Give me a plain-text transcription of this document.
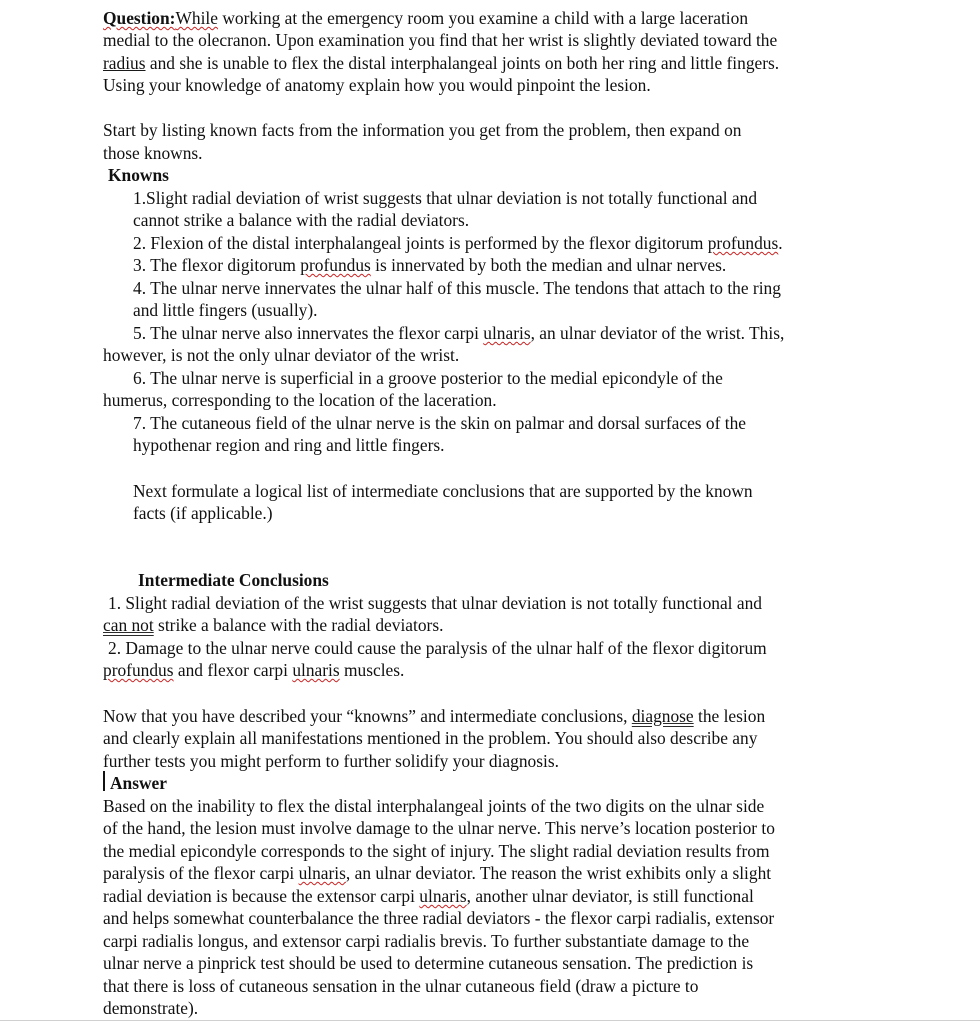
Question:While working at the emergency room you examine a child with a large laceration
medial to the olecranon. Upon examination you find that her wrist is slightly deviated toward the
radius and she is unable to flex the distal interphalangeal joints on both her ring and little fingers.
Using your knowledge of anatomy explain how you would pinpoint the lesion.
Start by listing known facts from the information you get from the problem, then expand on
those knowns.
Knowns
1.Slight radial deviation of wrist suggests that ulnar deviation is not totally functional and
cannot strike a balance with the radial deviators.
2. Flexion of the distal interphalangeal joints is performed by the flexor digitorum profundus.
3. The flexor digitorum profundus is innervated by both the median and ulnar nerves.
4. The ulnar nerve innervates the ulnar half of this muscle. The tendons that attach to the ring
and little fingers (usually).
5. The ulnar nerve also innervates the flexor carpi ulnaris, an ulnar deviator of the wrist. This,
however, is not the only ulnar deviator of the wrist.
6. The ulnar nerve is superficial in a groove posterior to the medial epicondyle of the
humerus, corresponding to the location of the laceration.
7. The cutaneous field of the ulnar nerve is the skin on palmar and dorsal surfaces of the
hypothenar region and ring and little fingers.
Next formulate a logical list of intermediate conclusions that are supported by the known
facts (if applicable.)
Intermediate Conclusions
1. Slight radial deviation of the wrist suggests that ulnar deviation is not totally functional and
can not strike a balance with the radial deviators.
2. Damage to the ulnar nerve could cause the paralysis of the ulnar half of the flexor digitorum
profundus and flexor carpi ulnaris muscles.
Now that you have described your “knowns” and intermediate conclusions, diagnose the lesion
and clearly explain all manifestations mentioned in the problem. You should also describe any
further tests you might perform to further solidify your diagnosis.
Answer
Based on the inability to flex the distal interphalangeal joints of the two digits on the ulnar side
of the hand, the lesion must involve damage to the ulnar nerve. This nerve’s location posterior to
the medial epicondyle corresponds to the sight of injury. The slight radial deviation results from
paralysis of the flexor carpi ulnaris, an ulnar deviator. The reason the wrist exhibits only a slight
radial deviation is because the extensor carpi ulnaris, another ulnar deviator, is still functional
and helps somewhat counterbalance the three radial deviators - the flexor carpi radialis, extensor
carpi radialis longus, and extensor carpi radialis brevis. To further substantiate damage to the
ulnar nerve a pinprick test should be used to determine cutaneous sensation. The prediction is
that there is loss of cutaneous sensation in the ulnar cutaneous field (draw a picture to
demonstrate).
